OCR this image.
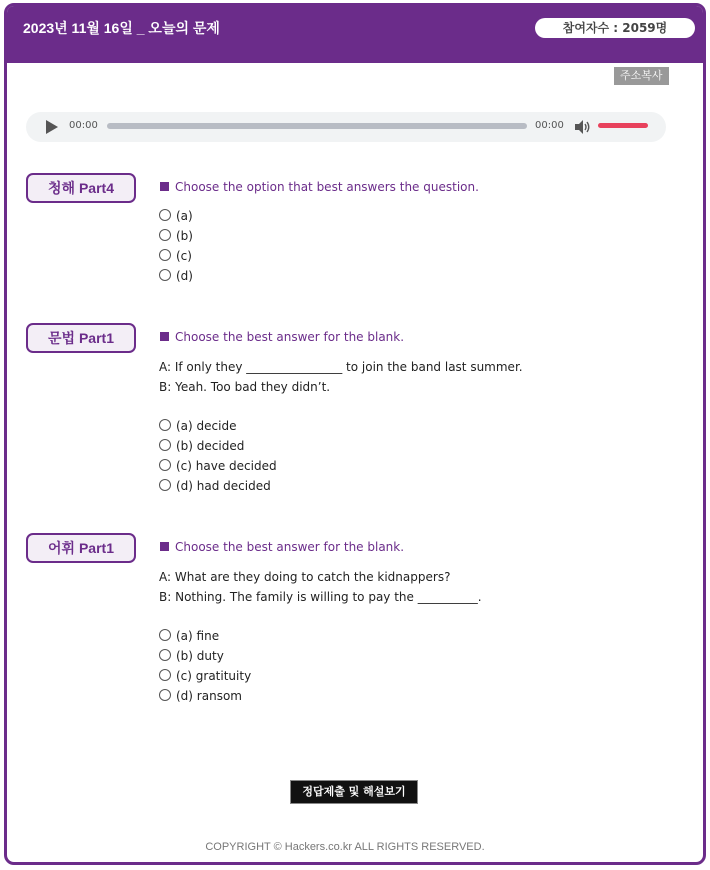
2023년 11월 16일 _ 오늘의 문제	참여자수 : 2059명
주소복사
00:00	00:00
청해 Part4	Choose the option that best answers the question.
(a)
(b)
(c)
(d)
문법 Part1	Choose the best answer for the blank.
A: If only they ________________ to join the band last summer.
B: Yeah. Too bad they didn’t.
(a) decide
(b) decided
(c) have decided
(d) had decided
어휘 Part1	Choose the best answer for the blank.
A: What are they doing to catch the kidnappers?
B: Nothing. The family is willing to pay the __________.
(a) fine
(b) duty
(c) gratituity
(d) ransom
정답제출 및 해설보기
COPYRIGHT © Hackers.co.kr ALL RIGHTS RESERVED.
